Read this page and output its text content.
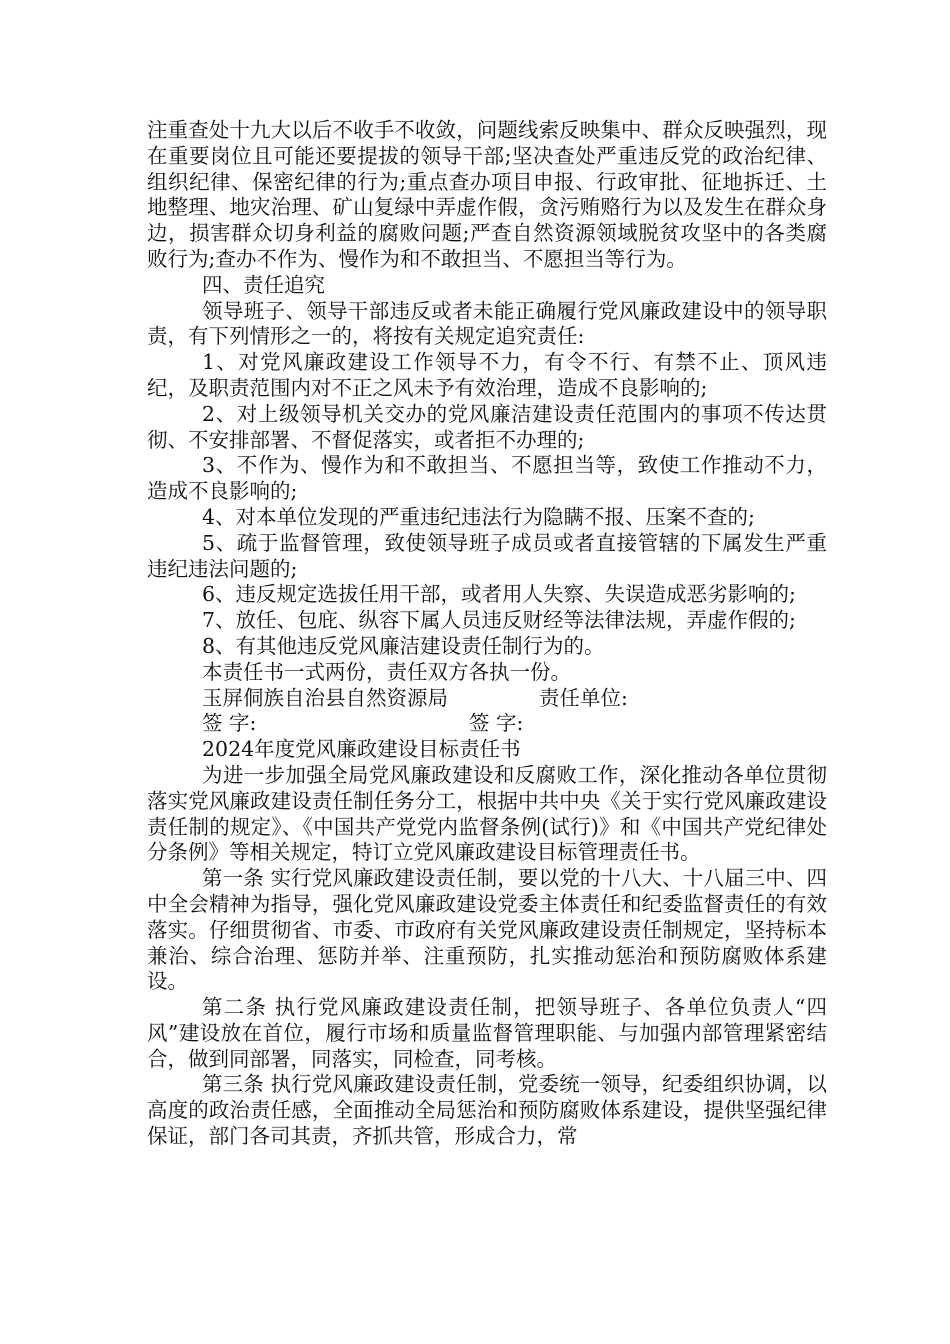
注重查处十九大以后不收手不收敛，问题线索反映集中、群众反映强烈，现在重要岗位且可能还要提拔的领导干部;坚决查处严重违反党的政治纪律、组织纪律、保密纪律的行为;重点查办项目申报、行政审批、征地拆迁、土地整理、地灾治理、矿山复绿中弄虚作假，贪污贿赂行为以及发生在群众身边，损害群众切身利益的腐败问题;严查自然资源领域脱贫攻坚中的各类腐败行为;查办不作为、慢作为和不敢担当、不愿担当等行为。

四、责任追究

领导班子、领导干部违反或者未能正确履行党风廉政建设中的领导职责，有下列情形之一的，将按有关规定追究责任:

1、对党风廉政建设工作领导不力，有令不行、有禁不止、顶风违纪，及职责范围内对不正之风未予有效治理，造成不良影响的;

2、对上级领导机关交办的党风廉洁建设责任范围内的事项不传达贯彻、不安排部署、不督促落实，或者拒不办理的;

3、不作为、慢作为和不敢担当、不愿担当等，致使工作推动不力，造成不良影响的;

4、对本单位发现的严重违纪违法行为隐瞒不报、压案不查的;

5、疏于监督管理，致使领导班子成员或者直接管辖的下属发生严重违纪违法问题的;

6、违反规定选拔任用干部，或者用人失察、失误造成恶劣影响的;

7、放任、包庇、纵容下属人员违反财经等法律法规，弄虚作假的;

8、有其他违反党风廉洁建设责任制行为的。

本责任书一式两份，责任双方各执一份。

玉屏侗族自治县自然资源局	责任单位:
签 字:	签 字:

2024年度党风廉政建设目标责任书

为进一步加强全局党风廉政建设和反腐败工作，深化推动各单位贯彻落实党风廉政建设责任制任务分工，根据中共中央《关于实行党风廉政建设责任制的规定》、《中国共产党党内监督条例(试行)》和《中国共产党纪律处分条例》等相关规定，特订立党风廉政建设目标管理责任书。

第一条 实行党风廉政建设责任制，要以党的十八大、十八届三中、四中全会精神为指导，强化党风廉政建设党委主体责任和纪委监督责任的有效落实。仔细贯彻省、市委、市政府有关党风廉政建设责任制规定，坚持标本兼治、综合治理、惩防并举、注重预防，扎实推动惩治和预防腐败体系建设。

第二条 执行党风廉政建设责任制，把领导班子、各单位负责人“四风”建设放在首位，履行市场和质量监督管理职能、与加强内部管理紧密结合，做到同部署，同落实，同检查，同考核。

第三条 执行党风廉政建设责任制，党委统一领导，纪委组织协调，以高度的政治责任感，全面推动全局惩治和预防腐败体系建设，提供坚强纪律保证，部门各司其责，齐抓共管，形成合力，常
